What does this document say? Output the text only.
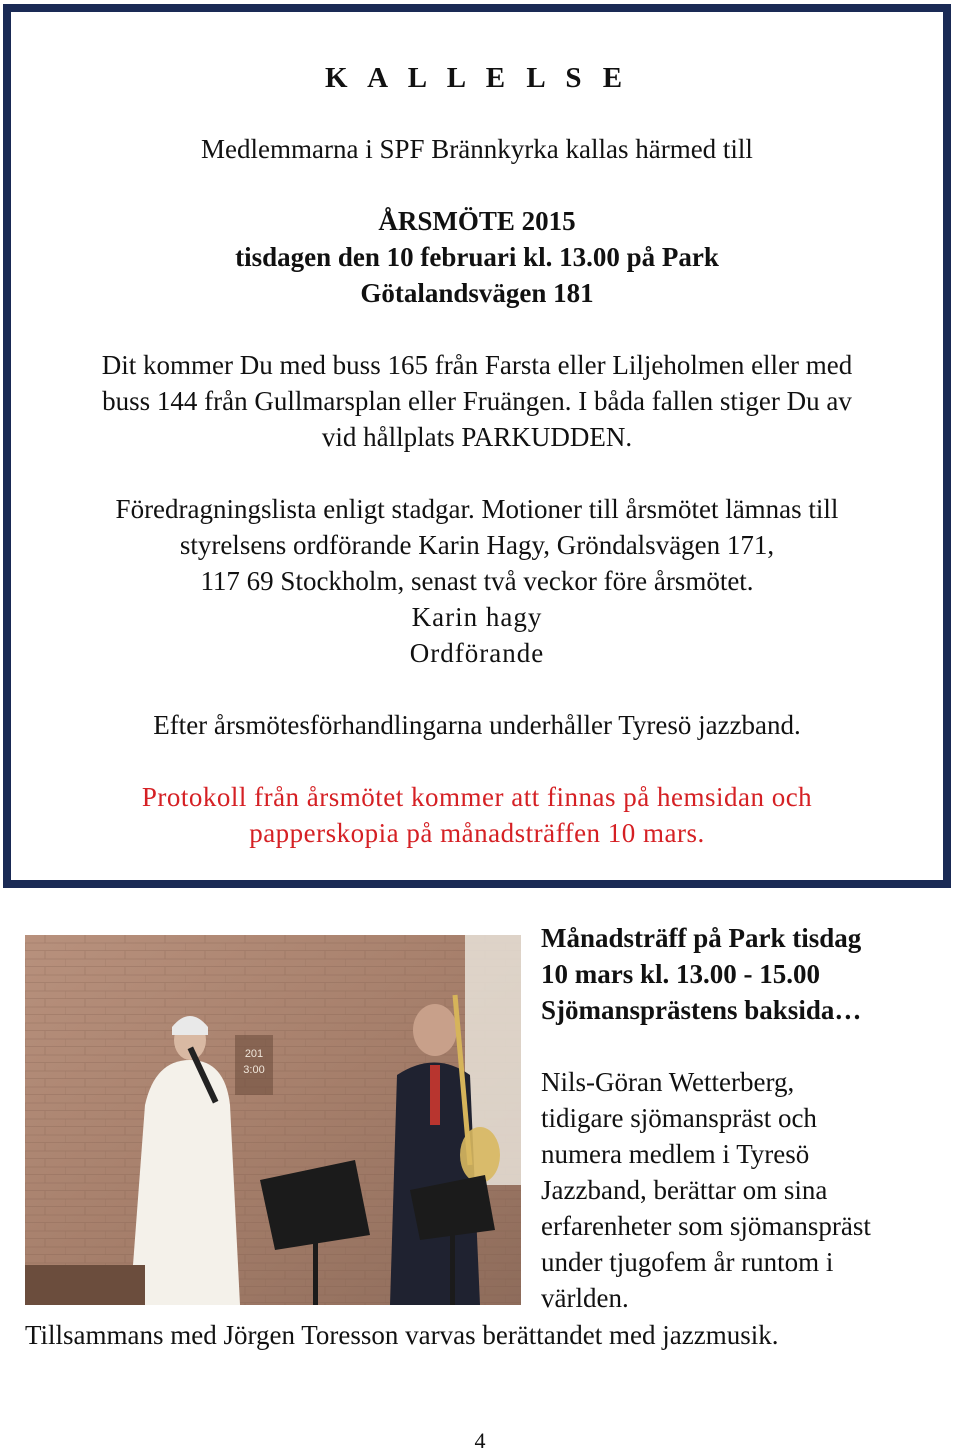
K A L L E L S E
Medlemmarna i SPF Brännkyrka kallas härmed till
ÅRSMÖTE 2015
tisdagen den 10 februari kl. 13.00 på Park
Götalandsvägen 181
Dit kommer Du med buss 165 från Farsta eller Liljeholmen eller med
buss 144 från Gullmarsplan eller Fruängen. I båda fallen stiger Du av
vid hållplats PARKUDDEN.
Föredragningslista enligt stadgar. Motioner till årsmötet lämnas till
styrelsens ordförande Karin Hagy, Gröndalsvägen 171,
117 69 Stockholm, senast två veckor före årsmötet.
Karin hagy
Ordförande
Efter årsmötesförhandlingarna underhåller Tyresö jazzband.
Protokoll från årsmötet kommer att finnas på hemsidan och
papperskopia på månadsträffen 10 mars.
201
3:00
Månadsträff på Park tisdag
10 mars kl. 13.00 - 15.00
Sjömansprästens baksida…
Nils-Göran Wetterberg,
tidigare sjömanspräst och
numera medlem i Tyresö
Jazzband, berättar om sina
erfarenheter som sjömanspräst
under tjugofem år runtom i
världen.
Tillsammans med Jörgen Toresson varvas berättandet med jazzmusik.
4
